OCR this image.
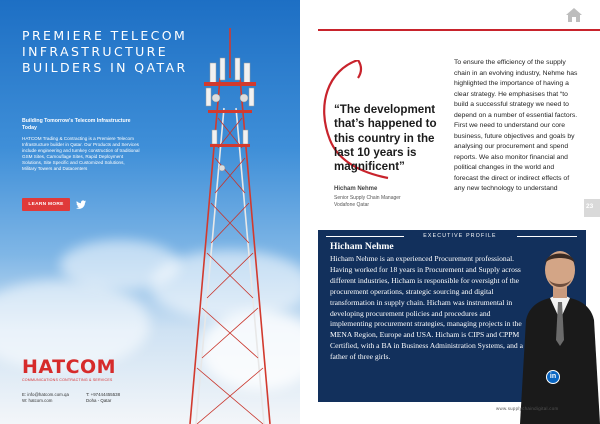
PREMIERE TELECOM INFRASTRUCTURE BUILDERS IN QATAR
Building Tomorrow's Telecom Infrastructure Today
HATCOM Trading & Contracting is a Premiere Telecom Infrastructure builder in Qatar. Our Products and Services include engineering and turnkey construction of traditional GSM Sites, Camouflage Sites, Rapid Deployment Solutions, Site Specific and Customized Solutions, Military Towers and Datacenters
LEARN MORE
HATCOM
COMMUNICATIONS CONTRACTING & SERVICES
E: info@hatcom.com.qa
W: hatcom.com
T: +97444455538
Doha - Qatar
“The development that’s happened to this country in the last 10 years is magnificent”
Hicham Nehme
Senior Supply Chain Manager
Vodafone Qatar
To ensure the efficiency of the supply chain in an evolving industry, Nehme has highlighted the importance of having a clear strategy. He emphasises that “to build a successful strategy we need to depend on a number of essential factors. First we need to understand our core business, future objectives and goals by analysing our procurement and spend reports. We also monitor financial and political changes in the world and forecast the direct or indirect effects of any new technology to understand
23
EXECUTIVE PROFILE
Hicham Nehme
Hicham Nehme is an experienced Procurement professional. Having worked for 18 years in Procurement and Supply across different industries, Hicham is responsible for oversight of the procurement operations, strategic sourcing and digital transformation in supply chain. Hicham was instrumental in developing procurement policies and procedures and implementing procurement strategies, managing projects in the MENA Region, Europe and USA. Hicham is CIPS and CPPM Certified, with a BA in Business Administration Systems, and a father of three girls.
in
www.supplychaindigital.com
